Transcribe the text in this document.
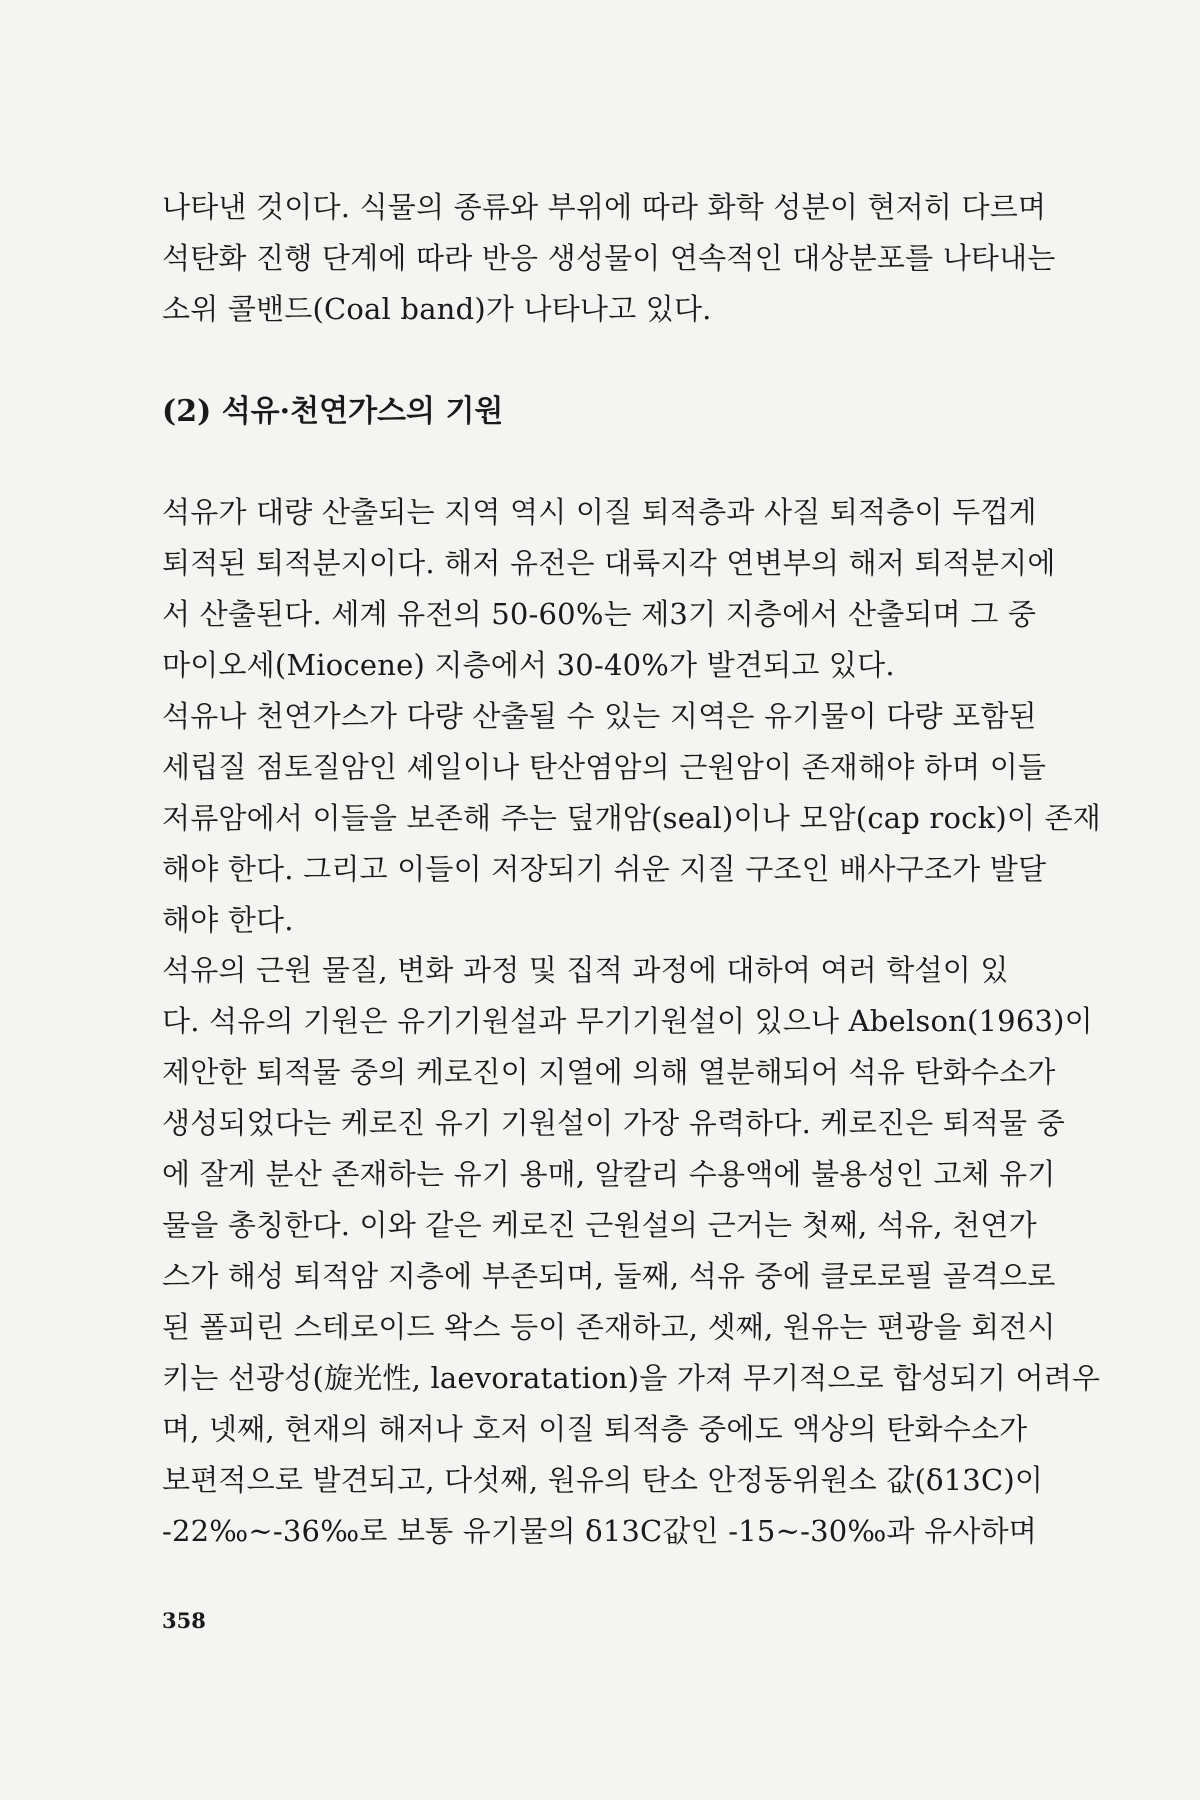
나타낸 것이다. 식물의 종류와 부위에 따라 화학 성분이 현저히 다르며
석탄화 진행 단계에 따라 반응 생성물이 연속적인 대상분포를 나타내는
소위 콜밴드(Coal band)가 나타나고 있다.
(2) 석유·천연가스의 기원
석유가 대량 산출되는 지역 역시 이질 퇴적층과 사질 퇴적층이 두껍게
퇴적된 퇴적분지이다. 해저 유전은 대륙지각 연변부의 해저 퇴적분지에
서 산출된다. 세계 유전의 50-60%는 제3기 지층에서 산출되며 그 중
마이오세(Miocene) 지층에서 30-40%가 발견되고 있다.
석유나 천연가스가 다량 산출될 수 있는 지역은 유기물이 다량 포함된
세립질 점토질암인 셰일이나 탄산염암의 근원암이 존재해야 하며 이들
저류암에서 이들을 보존해 주는 덮개암(seal)이나 모암(cap rock)이 존재
해야 한다. 그리고 이들이 저장되기 쉬운 지질 구조인 배사구조가 발달
해야 한다.
석유의 근원 물질, 변화 과정 및 집적 과정에 대하여 여러 학설이 있
다. 석유의 기원은 유기기원설과 무기기원설이 있으나 Abelson(1963)이
제안한 퇴적물 중의 케로진이 지열에 의해 열분해되어 석유 탄화수소가
생성되었다는 케로진 유기 기원설이 가장 유력하다. 케로진은 퇴적물 중
에 잘게 분산 존재하는 유기 용매, 알칼리 수용액에 불용성인 고체 유기
물을 총칭한다. 이와 같은 케로진 근원설의 근거는 첫째, 석유, 천연가
스가 해성 퇴적암 지층에 부존되며, 둘째, 석유 중에 클로로필 골격으로
된 폴피린 스테로이드 왁스 등이 존재하고, 셋째, 원유는 편광을 회전시
키는 선광성(旋光性, laevoratation)을 가져 무기적으로 합성되기 어려우
며, 넷째, 현재의 해저나 호저 이질 퇴적층 중에도 액상의 탄화수소가
보편적으로 발견되고, 다섯째, 원유의 탄소 안정동위원소 값(δ13C)이
-22‰~-36‰로 보통 유기물의 δ13C값인 -15~-30‰과 유사하며
358
